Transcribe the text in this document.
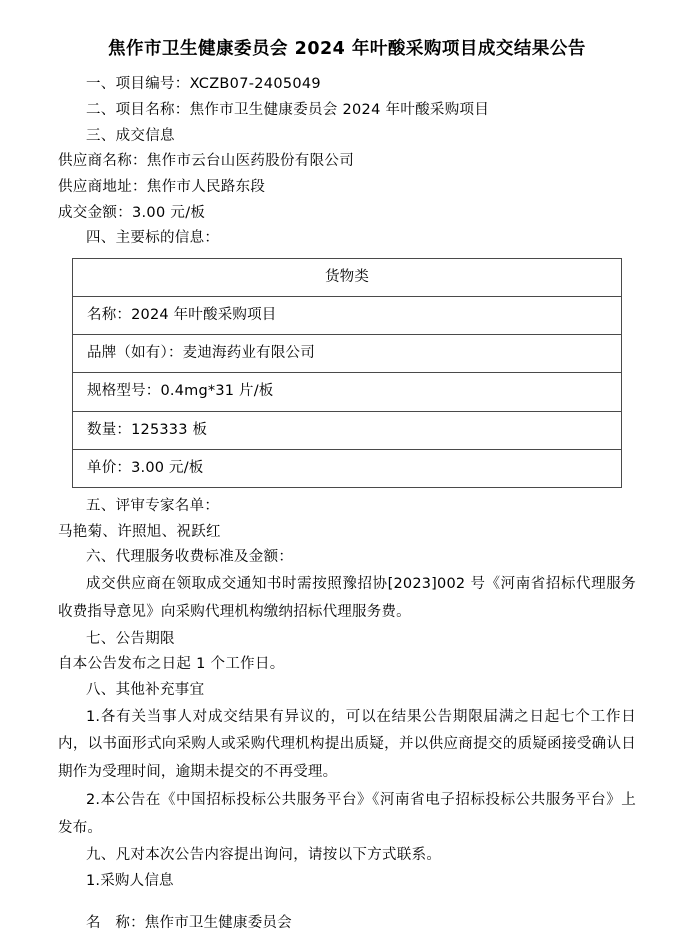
焦作市卫生健康委员会 2024 年叶酸采购项目成交结果公告

一、项目编号：XCZB07-2405049

二、项目名称：焦作市卫生健康委员会 2024 年叶酸采购项目

三、成交信息

供应商名称：焦作市云台山医药股份有限公司

供应商地址：焦作市人民路东段

成交金额：3.00 元/板

四、主要标的信息：

货物类
名称：2024 年叶酸采购项目
品牌（如有）：麦迪海药业有限公司
规格型号：0.4mg*31 片/板
数量：125333 板
单价：3.00 元/板

五、评审专家名单：

马艳菊、许照旭、祝跃红

六、代理服务收费标准及金额：

成交供应商在领取成交通知书时需按照豫招协[2023]002 号《河南省招标代理服务收费指导意见》向采购代理机构缴纳招标代理服务费。

七、公告期限

自本公告发布之日起 1 个工作日。

八、其他补充事宜

1.各有关当事人对成交结果有异议的，可以在结果公告期限届满之日起七个工作日内，以书面形式向采购人或采购代理机构提出质疑，并以供应商提交的质疑函接受确认日期作为受理时间，逾期未提交的不再受理。

2.本公告在《中国招标投标公共服务平台》《河南省电子招标投标公共服务平台》上发布。

九、凡对本次公告内容提出询问，请按以下方式联系。

1.采购人信息

名　称：焦作市卫生健康委员会
